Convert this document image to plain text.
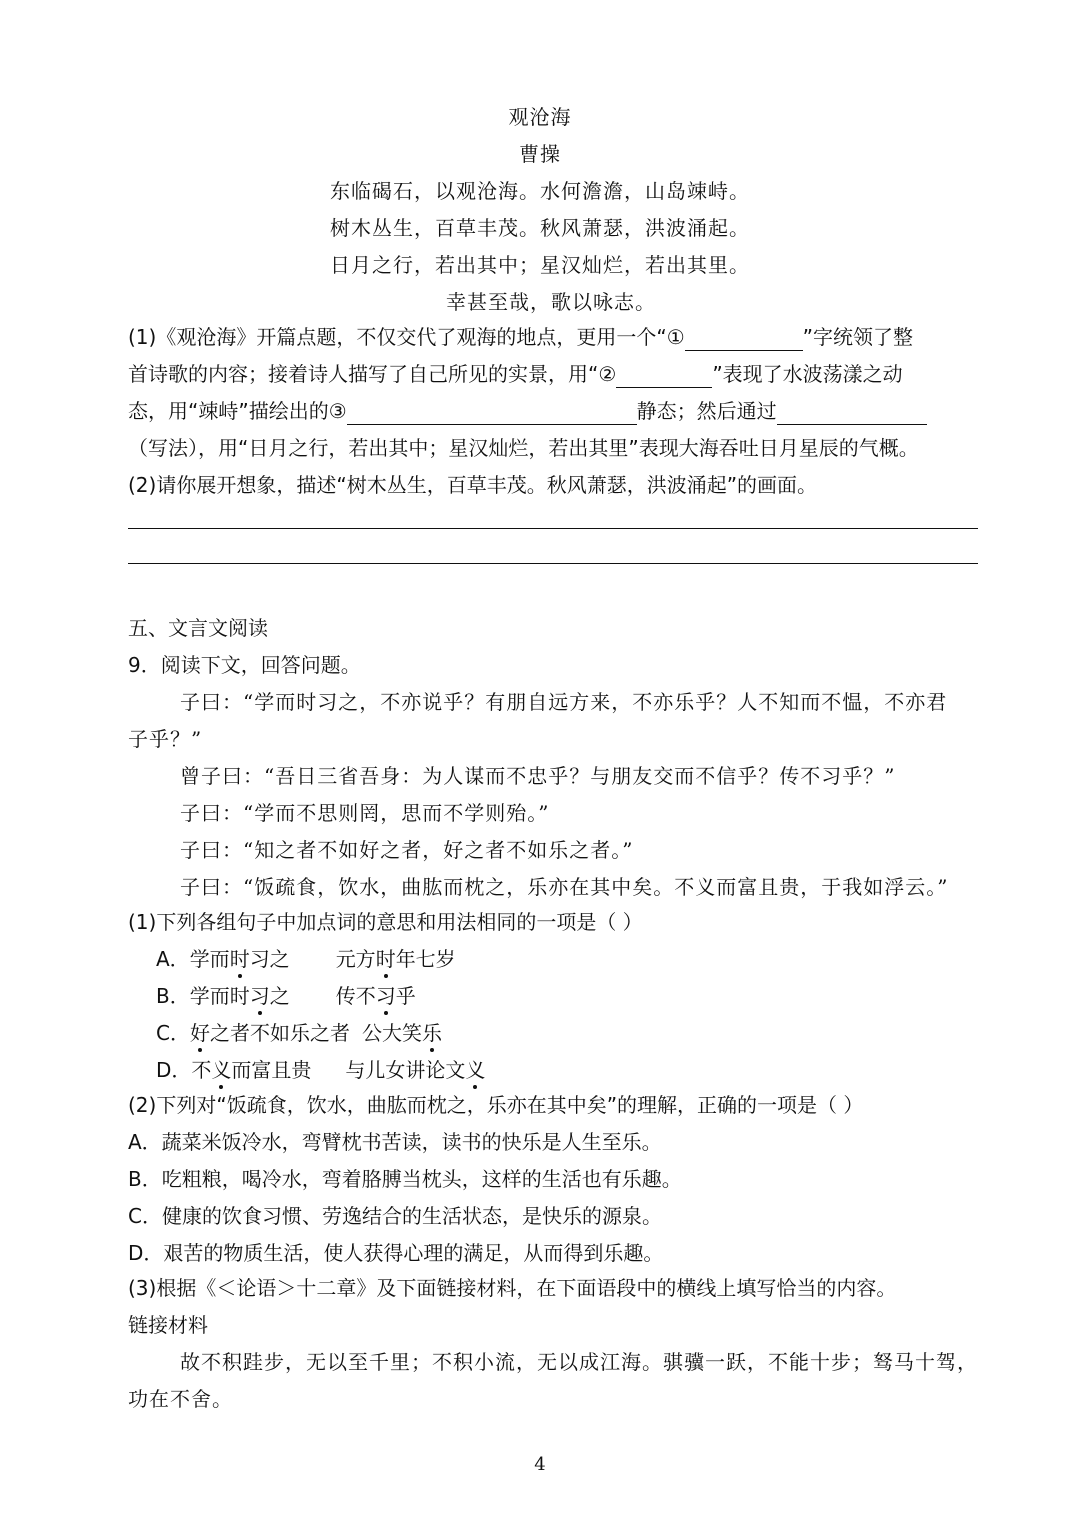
观沧海
曹操
东临碣石，以观沧海。水何澹澹，山岛竦峙。
树木丛生，百草丰茂。秋风萧瑟，洪波涌起。
日月之行，若出其中；星汉灿烂，若出其里。
幸甚至哉，歌以咏志。
(1)《观沧海》开篇点题，不仅交代了观海的地点，更用一个“①	”字统领了整
首诗歌的内容；接着诗人描写了自己所见的实景，用“②	”表现了水波荡漾之动
态，用“竦峙”描绘出的③	静态；然后通过
（写法），用“日月之行，若出其中；星汉灿烂，若出其里”表现大海吞吐日月星辰的气概。
(2)请你展开想象，描述“树木丛生，百草丰茂。秋风萧瑟，洪波涌起”的画面。
五、文言文阅读
9．阅读下文，回答问题。
子曰：“学而时习之，不亦说乎？有朋自远方来，不亦乐乎？人不知而不愠，不亦君
子乎？”
曾子曰：“吾日三省吾身：为人谋而不忠乎？与朋友交而不信乎？传不习乎？”
子曰：“学而不思则罔，思而不学则殆。”
子曰：“知之者不如好之者，好之者不如乐之者。”
子曰：“饭疏食，饮水，曲肱而枕之，乐亦在其中矣。不义而富且贵，于我如浮云。”
(1)下列各组句子中加点词的意思和用法相同的一项是（ ）
A．学而时习之 元方时年七岁
B．学而时习之 传不习乎
C．好之者不如乐之者 公大笑乐
D．不义而富且贵 与儿女讲论文义
(2)下列对“饭疏食，饮水，曲肱而枕之，乐亦在其中矣”的理解，正确的一项是（ ）
A．蔬菜米饭冷水，弯臂枕书苦读，读书的快乐是人生至乐。
B．吃粗粮，喝冷水，弯着胳膊当枕头，这样的生活也有乐趣。
C．健康的饮食习惯、劳逸结合的生活状态，是快乐的源泉。
D．艰苦的物质生活，使人获得心理的满足，从而得到乐趣。
(3)根据《＜论语＞十二章》及下面链接材料，在下面语段中的横线上填写恰当的内容。
链接材料
故不积跬步，无以至千里；不积小流，无以成江海。骐骥一跃，不能十步；驽马十驾，
功在不舍。
4
